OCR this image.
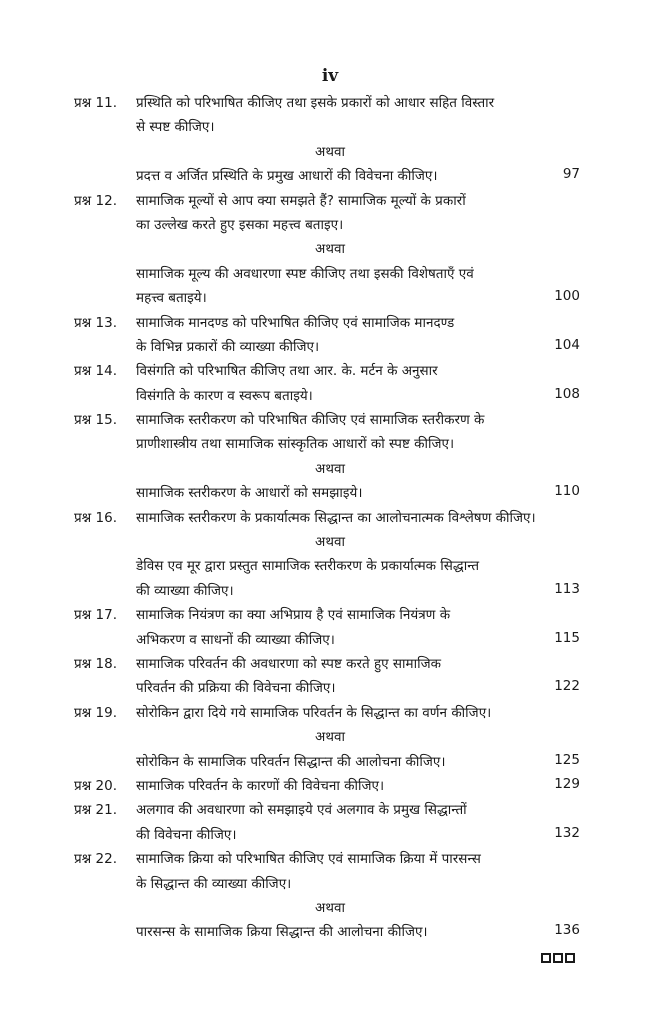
iv
प्रश्न 11.	प्रस्थिति को परिभाषित कीजिए तथा इसके प्रकारों को आधार सहित विस्तार
से स्पष्ट कीजिए।
अथवा
प्रदत्त व अर्जित प्रस्थिति के प्रमुख आधारों की विवेचना कीजिए।	97
प्रश्न 12.	सामाजिक मूल्यों से आप क्या समझते हैं? सामाजिक मूल्यों के प्रकारों
का उल्लेख करते हुए इसका महत्त्व बताइए।
अथवा
सामाजिक मूल्य की अवधारणा स्पष्ट कीजिए तथा इसकी विशेषताएँ एवं
महत्त्व बताइये।	100
प्रश्न 13.	सामाजिक मानदण्ड को परिभाषित कीजिए एवं सामाजिक मानदण्ड
के विभिन्न प्रकारों की व्याख्या कीजिए।	104
प्रश्न 14.	विसंगति को परिभाषित कीजिए तथा आर. के. मर्टन के अनुसार
विसंगति के कारण व स्वरूप बताइये।	108
प्रश्न 15.	सामाजिक स्तरीकरण को परिभाषित कीजिए एवं सामाजिक स्तरीकरण के
प्राणीशास्त्रीय तथा सामाजिक सांस्कृतिक आधारों को स्पष्ट कीजिए।
अथवा
सामाजिक स्तरीकरण के आधारों को समझाइये।	110
प्रश्न 16.	सामाजिक स्तरीकरण के प्रकार्यात्मक सिद्धान्त का आलोचनात्मक विश्लेषण कीजिए।
अथवा
डेविस एव मूर द्वारा प्रस्तुत सामाजिक स्तरीकरण के प्रकार्यात्मक सिद्धान्त
की व्याख्या कीजिए।	113
प्रश्न 17.	सामाजिक नियंत्रण का क्या अभिप्राय है एवं सामाजिक नियंत्रण के
अभिकरण व साधनों की व्याख्या कीजिए।	115
प्रश्न 18.	सामाजिक परिवर्तन की अवधारणा को स्पष्ट करते हुए सामाजिक
परिवर्तन की प्रक्रिया की विवेचना कीजिए।	122
प्रश्न 19.	सोरोकिन द्वारा दिये गये सामाजिक परिवर्तन के सिद्धान्त का वर्णन कीजिए।
अथवा
सोरोकिन के सामाजिक परिवर्तन सिद्धान्त की आलोचना कीजिए।	125
प्रश्न 20.	सामाजिक परिवर्तन के कारणों की विवेचना कीजिए।	129
प्रश्न 21.	अलगाव की अवधारणा को समझाइये एवं अलगाव के प्रमुख सिद्धान्तों
की विवेचना कीजिए।	132
प्रश्न 22.	सामाजिक क्रिया को परिभाषित कीजिए एवं सामाजिक क्रिया में पारसन्स
के सिद्धान्त की व्याख्या कीजिए।
अथवा
पारसन्स के सामाजिक क्रिया सिद्धान्त की आलोचना कीजिए।	136
